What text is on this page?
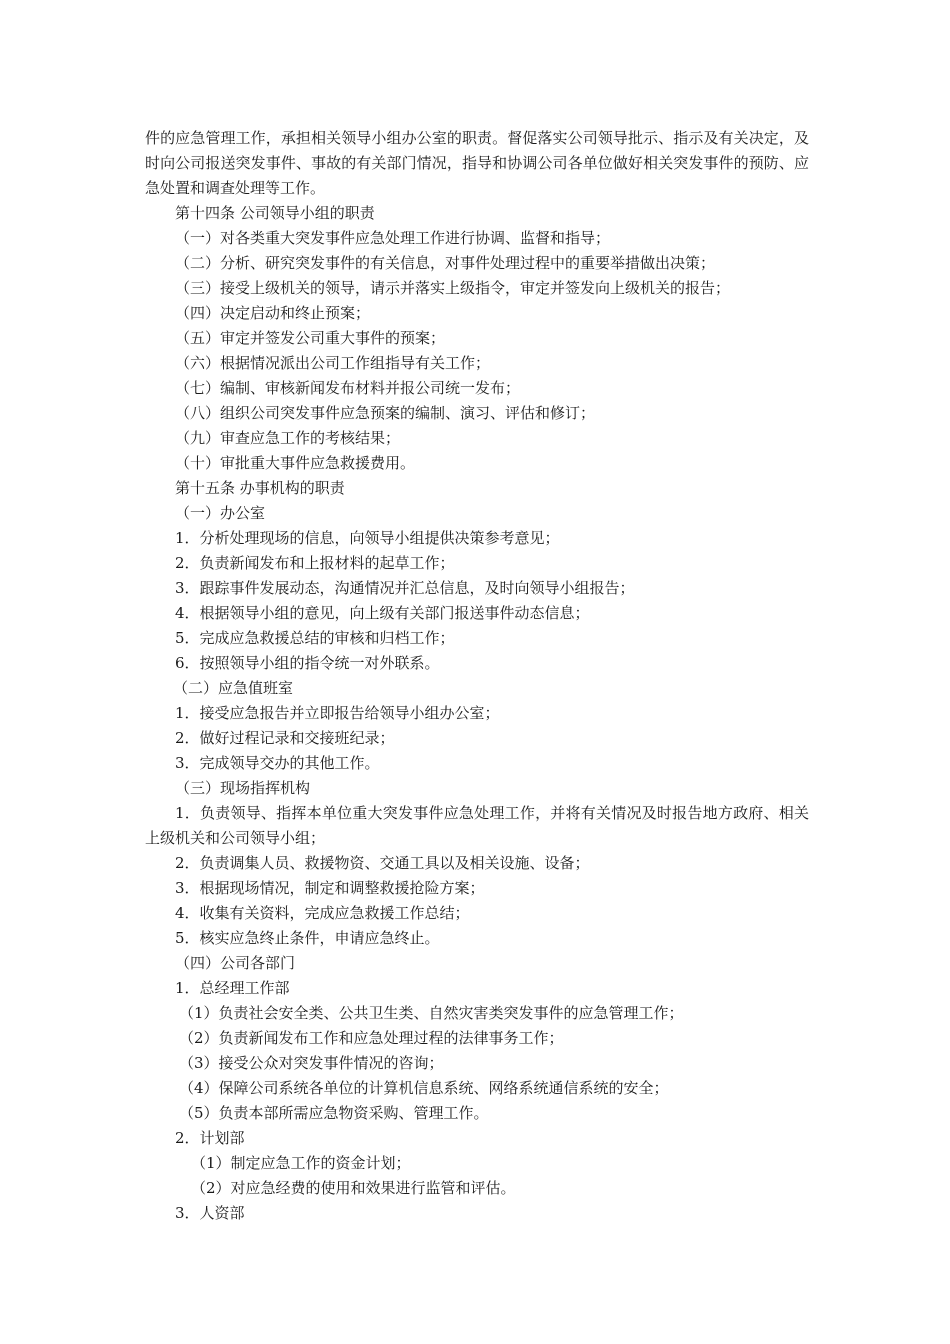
件的应急管理工作，承担相关领导小组办公室的职责。督促落实公司领导批示、指示及有关决定，及时向公司报送突发事件、事故的有关部门情况，指导和协调公司各单位做好相关突发事件的预防、应急处置和调查处理等工作。

第十四条 公司领导小组的职责

（一）对各类重大突发事件应急处理工作进行协调、监督和指导；

（二）分析、研究突发事件的有关信息，对事件处理过程中的重要举措做出决策；

（三）接受上级机关的领导，请示并落实上级指令，审定并签发向上级机关的报告；

（四）决定启动和终止预案；

（五）审定并签发公司重大事件的预案；

（六）根据情况派出公司工作组指导有关工作；

（七）编制、审核新闻发布材料并报公司统一发布；

（八）组织公司突发事件应急预案的编制、演习、评估和修订；

（九）审查应急工作的考核结果；

（十）审批重大事件应急救援费用。

第十五条 办事机构的职责

（一）办公室

1．分析处理现场的信息，向领导小组提供决策参考意见；

2．负责新闻发布和上报材料的起草工作；

3．跟踪事件发展动态，沟通情况并汇总信息，及时向领导小组报告；

4．根据领导小组的意见，向上级有关部门报送事件动态信息；

5．完成应急救援总结的审核和归档工作；

6．按照领导小组的指令统一对外联系。

（二）应急值班室

1．接受应急报告并立即报告给领导小组办公室；

2．做好过程记录和交接班纪录；

3．完成领导交办的其他工作。

（三）现场指挥机构

1．负责领导、指挥本单位重大突发事件应急处理工作，并将有关情况及时报告地方政府、相关上级机关和公司领导小组；

2．负责调集人员、救援物资、交通工具以及相关设施、设备；

3．根据现场情况，制定和调整救援抢险方案；

4．收集有关资料，完成应急救援工作总结；

5．核实应急终止条件，申请应急终止。

（四）公司各部门

1．总经理工作部

（1）负责社会安全类、公共卫生类、自然灾害类突发事件的应急管理工作；

（2）负责新闻发布工作和应急处理过程的法律事务工作；

（3）接受公众对突发事件情况的咨询；

（4）保障公司系统各单位的计算机信息系统、网络系统通信系统的安全；

（5）负责本部所需应急物资采购、管理工作。

2．计划部

（1）制定应急工作的资金计划；

（2）对应急经费的使用和效果进行监管和评估。

3．人资部
